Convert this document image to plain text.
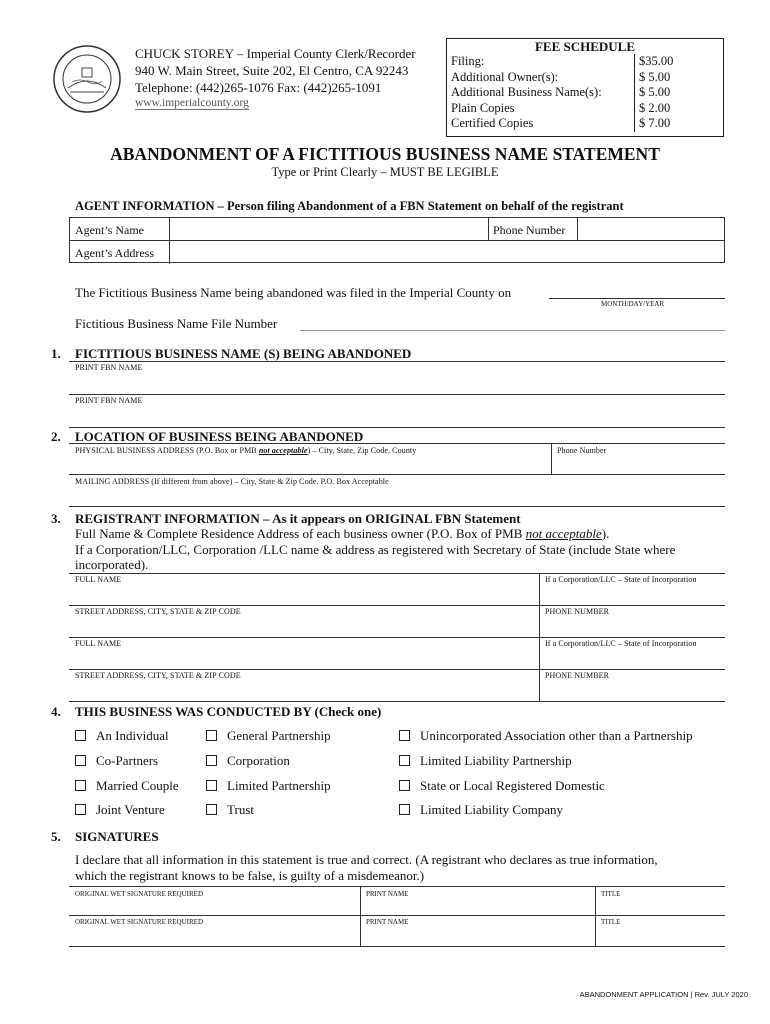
CHUCK STOREY – Imperial County Clerk/Recorder
940 W. Main Street, Suite 202, El Centro, CA 92243
Telephone: (442)265-1076 Fax: (442)265-1091
www.imperialcounty.org
FEE SCHEDULE
Filing:	$35.00
Additional Owner(s):	$ 5.00
Additional Business Name(s):	$ 5.00
Plain Copies	$ 2.00
Certified Copies	$ 7.00
ABANDONMENT OF A FICTITIOUS BUSINESS NAME STATEMENT
Type or Print Clearly – MUST BE LEGIBLE
AGENT INFORMATION – Person filing Abandonment of a FBN Statement on behalf of the registrant
Agent’s Name	Phone Number
Agent’s Address
The Fictitious Business Name being abandoned was filed in the Imperial County on
MONTH/DAY/YEAR
Fictitious Business Name File Number
1. FICTITIOUS BUSINESS NAME (S) BEING ABANDONED
PRINT FBN NAME
PRINT FBN NAME
2. LOCATION OF BUSINESS BEING ABANDONED
PHYSICAL BUSINESS ADDRESS (P.O. Box or PMB not acceptable) – City, State, Zip Code, County	Phone Number
MAILING ADDRESS (If different from above) – City, State & Zip Code. P.O. Box Acceptable
3. REGISTRANT INFORMATION – As it appears on ORIGINAL FBN Statement
Full Name & Complete Residence Address of each business owner (P.O. Box of PMB not acceptable).
If a Corporation/LLC, Corporation /LLC name & address as registered with Secretary of State (include State where
incorporated).
FULL NAME	If a Corporation/LLC – State of Incorporation
STREET ADDRESS, CITY, STATE & ZIP CODE	PHONE NUMBER
FULL NAME	If a Corporation/LLC – State of Incorporation
STREET ADDRESS, CITY, STATE & ZIP CODE	PHONE NUMBER
4. THIS BUSINESS WAS CONDUCTED BY (Check one)
An Individual
Co-Partners
Married Couple
Joint Venture
General Partnership
Corporation
Limited Partnership
Trust
Unincorporated Association other than a Partnership
Limited Liability Partnership
State or Local Registered Domestic
Limited Liability Company
5. SIGNATURES
I declare that all information in this statement is true and correct. (A registrant who declares as true information,
which the registrant knows to be false, is guilty of a misdemeanor.)
ORIGINAL WET SIGNATURE REQUIRED	PRINT NAME	TITLE
ORIGINAL WET SIGNATURE REQUIRED	PRINT NAME	TITLE
ABANDONMENT APPLICATION | Rev. JULY 2020
